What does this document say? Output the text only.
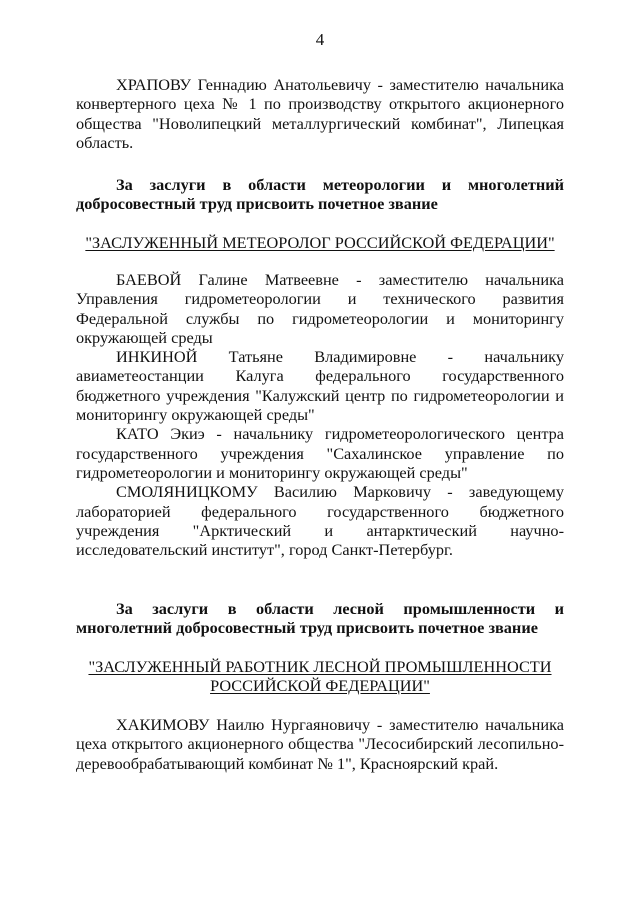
4

ХРАПОВУ Геннадию Анатольевичу - заместителю начальника конвертерного цеха № 1 по производству открытого акционерного общества "Новолипецкий металлургический комбинат", Липецкая область.

За заслуги в области метеорологии и многолетний добросовестный труд присвоить почетное звание

"ЗАСЛУЖЕННЫЙ МЕТЕОРОЛОГ РОССИЙСКОЙ ФЕДЕРАЦИИ"

БАЕВОЙ Галине Матвеевне - заместителю начальника Управления гидрометеорологии и технического развития Федеральной службы по гидрометеорологии и мониторингу окружающей среды

ИНКИНОЙ Татьяне Владимировне - начальнику авиаметеостанции Калуга федерального государственного бюджетного учреждения "Калужский центр по гидрометеорологии и мониторингу окружающей среды"

КАТО Экиэ - начальнику гидрометеорологического центра государственного учреждения "Сахалинское управление по гидрометеорологии и мониторингу окружающей среды"

СМОЛЯНИЦКОМУ Василию Марковичу - заведующему лабораторией федерального государственного бюджетного учреждения "Арктический и антарктический научно-исследовательский институт", город Санкт-Петербург.

За заслуги в области лесной промышленности и многолетний добросовестный труд присвоить почетное звание

"ЗАСЛУЖЕННЫЙ РАБОТНИК ЛЕСНОЙ ПРОМЫШЛЕННОСТИ
РОССИЙСКОЙ ФЕДЕРАЦИИ"

ХАКИМОВУ Наилю Нургаяновичу - заместителю начальника цеха открытого акционерного общества "Лесосибирский лесопильно-деревообрабатывающий комбинат № 1", Красноярский край.
